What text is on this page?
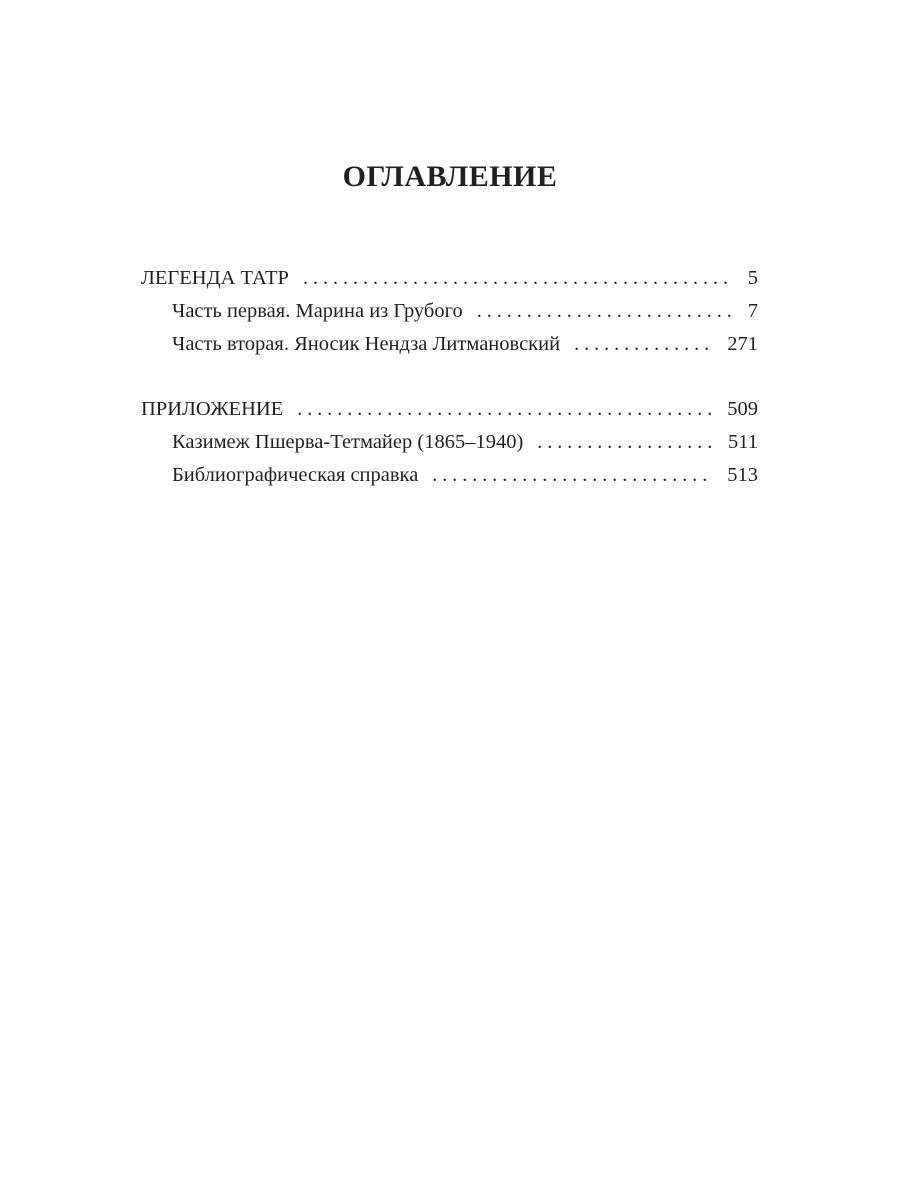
ОГЛАВЛЕНИЕ
ЛЕГЕНДА ТАТР . . .	5
Часть первая. Марина из Грубого . . .	7
Часть вторая. Яносик Нендза Литмановский . . .	271
ПРИЛОЖЕНИЕ . . .	509
Казимеж Пшерва-Тетмайер (1865–1940) . . .	511
Библиографическая справка . . .	513
